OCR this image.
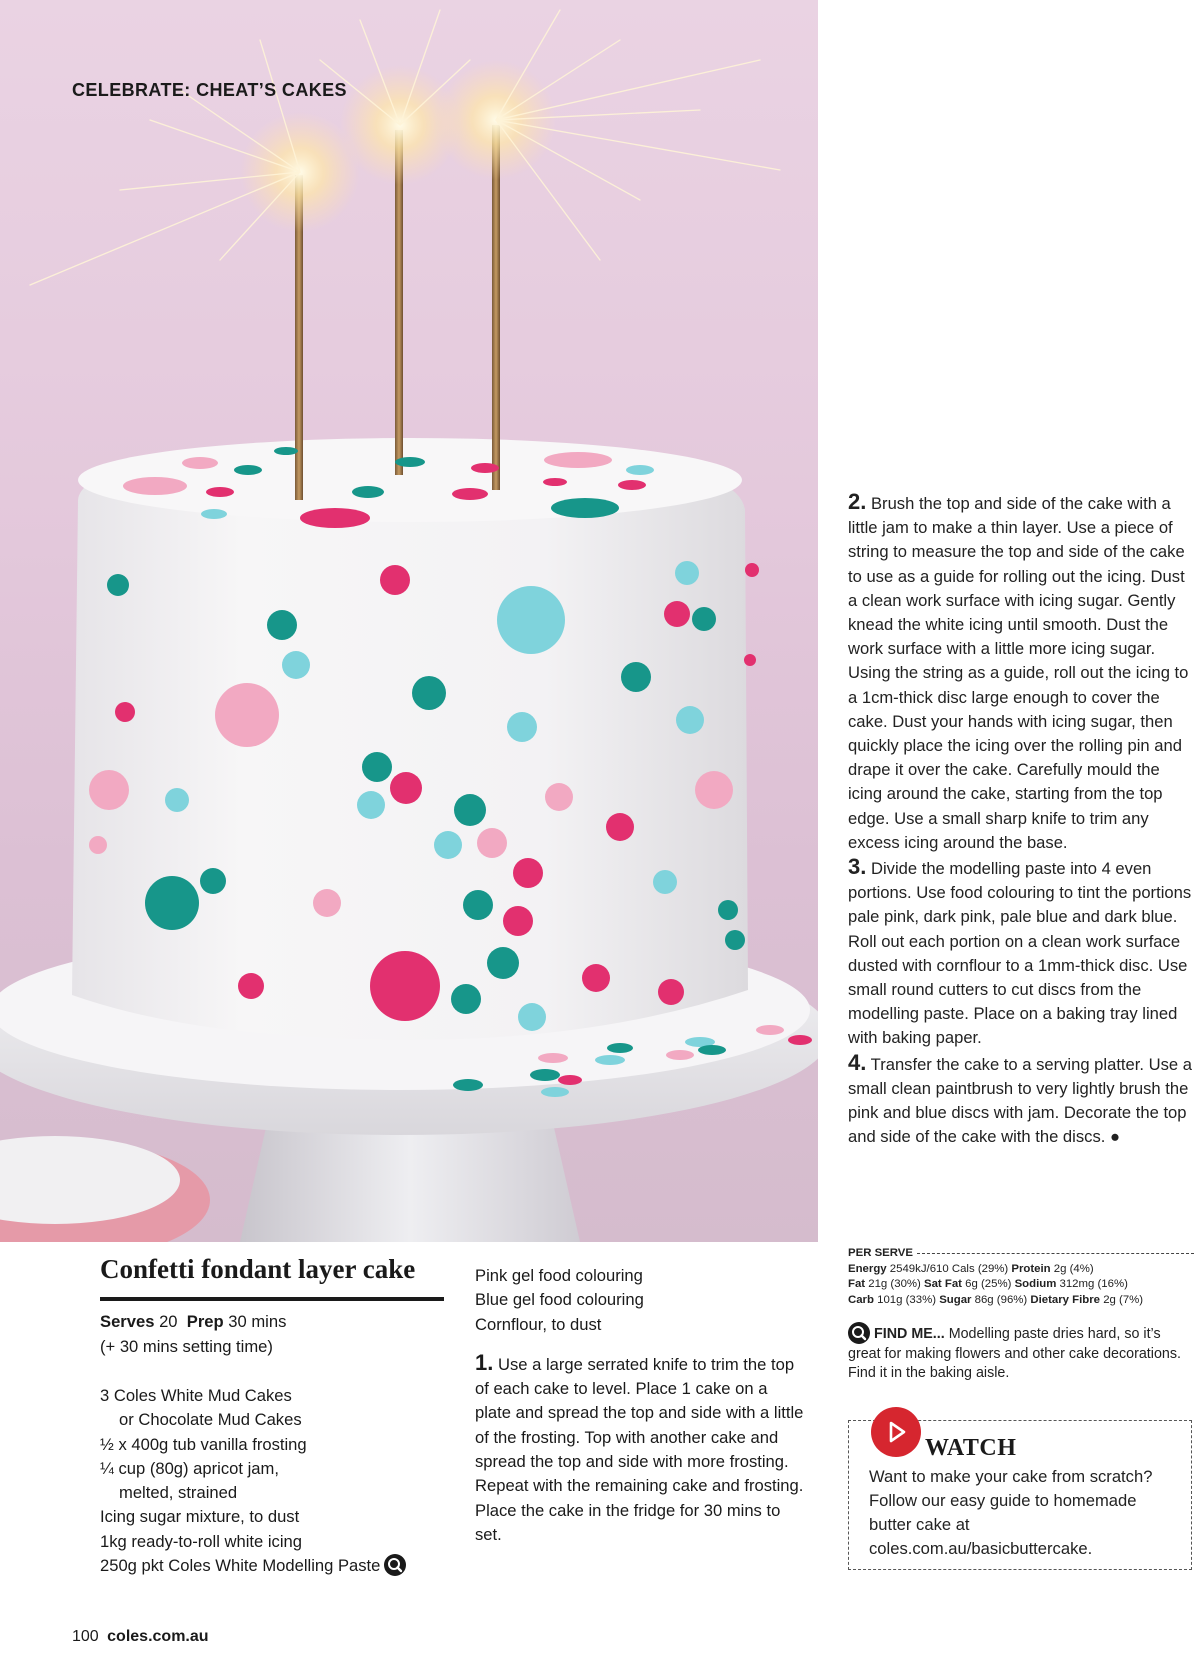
CELEBRATE: CHEAT’S CAKES

2. Brush the top and side of the cake with a little jam to make a thin layer. Use a piece of string to measure the top and side of the cake to use as a guide for rolling out the icing. Dust a clean work surface with icing sugar. Gently knead the white icing until smooth. Dust the work surface with a little more icing sugar. Using the string as a guide, roll out the icing to a 1cm-thick disc large enough to cover the cake. Dust your hands with icing sugar, then quickly place the icing over the rolling pin and drape it over the cake. Carefully mould the icing around the cake, starting from the top edge. Use a small sharp knife to trim any excess icing around the base.

3. Divide the modelling paste into 4 even portions. Use food colouring to tint the portions pale pink, dark pink, pale blue and dark blue. Roll out each portion on a clean work surface dusted with cornflour to a 1mm-thick disc. Use small round cutters to cut discs from the modelling paste. Place on a baking tray lined with baking paper.

4. Transfer the cake to a serving platter. Use a small clean paintbrush to very lightly brush the pink and blue discs with jam. Decorate the top and side of the cake with the discs. ●

Confetti fondant layer cake
Serves 20 Prep 30 mins
(+ 30 mins setting time)
3 Coles White Mud Cakes
or Chocolate Mud Cakes
½ x 400g tub vanilla frosting
¼ cup (80g) apricot jam,
melted, strained
Icing sugar mixture, to dust
1kg ready-to-roll white icing
250g pkt Coles White Modelling Paste
Pink gel food colouring
Blue gel food colouring
Cornflour, to dust

1. Use a large serrated knife to trim the top of each cake to level. Place 1 cake on a plate and spread the top and side with a little of the frosting. Top with another cake and spread the top and side with more frosting. Repeat with the remaining cake and frosting. Place the cake in the fridge for 30 mins to set.

PER SERVE
Energy 2549kJ/610 Cals (29%) Protein 2g (4%)
Fat 21g (30%) Sat Fat 6g (25%) Sodium 312mg (16%)
Carb 101g (33%) Sugar 86g (96%) Dietary Fibre 2g (7%)
FIND ME... Modelling paste dries hard, so it’s great for making flowers and other cake decorations. Find it in the baking aisle.
WATCH
Want to make your cake from scratch? Follow our easy guide to homemade butter cake at coles.com.au/basicbuttercake.
100 coles.com.au
